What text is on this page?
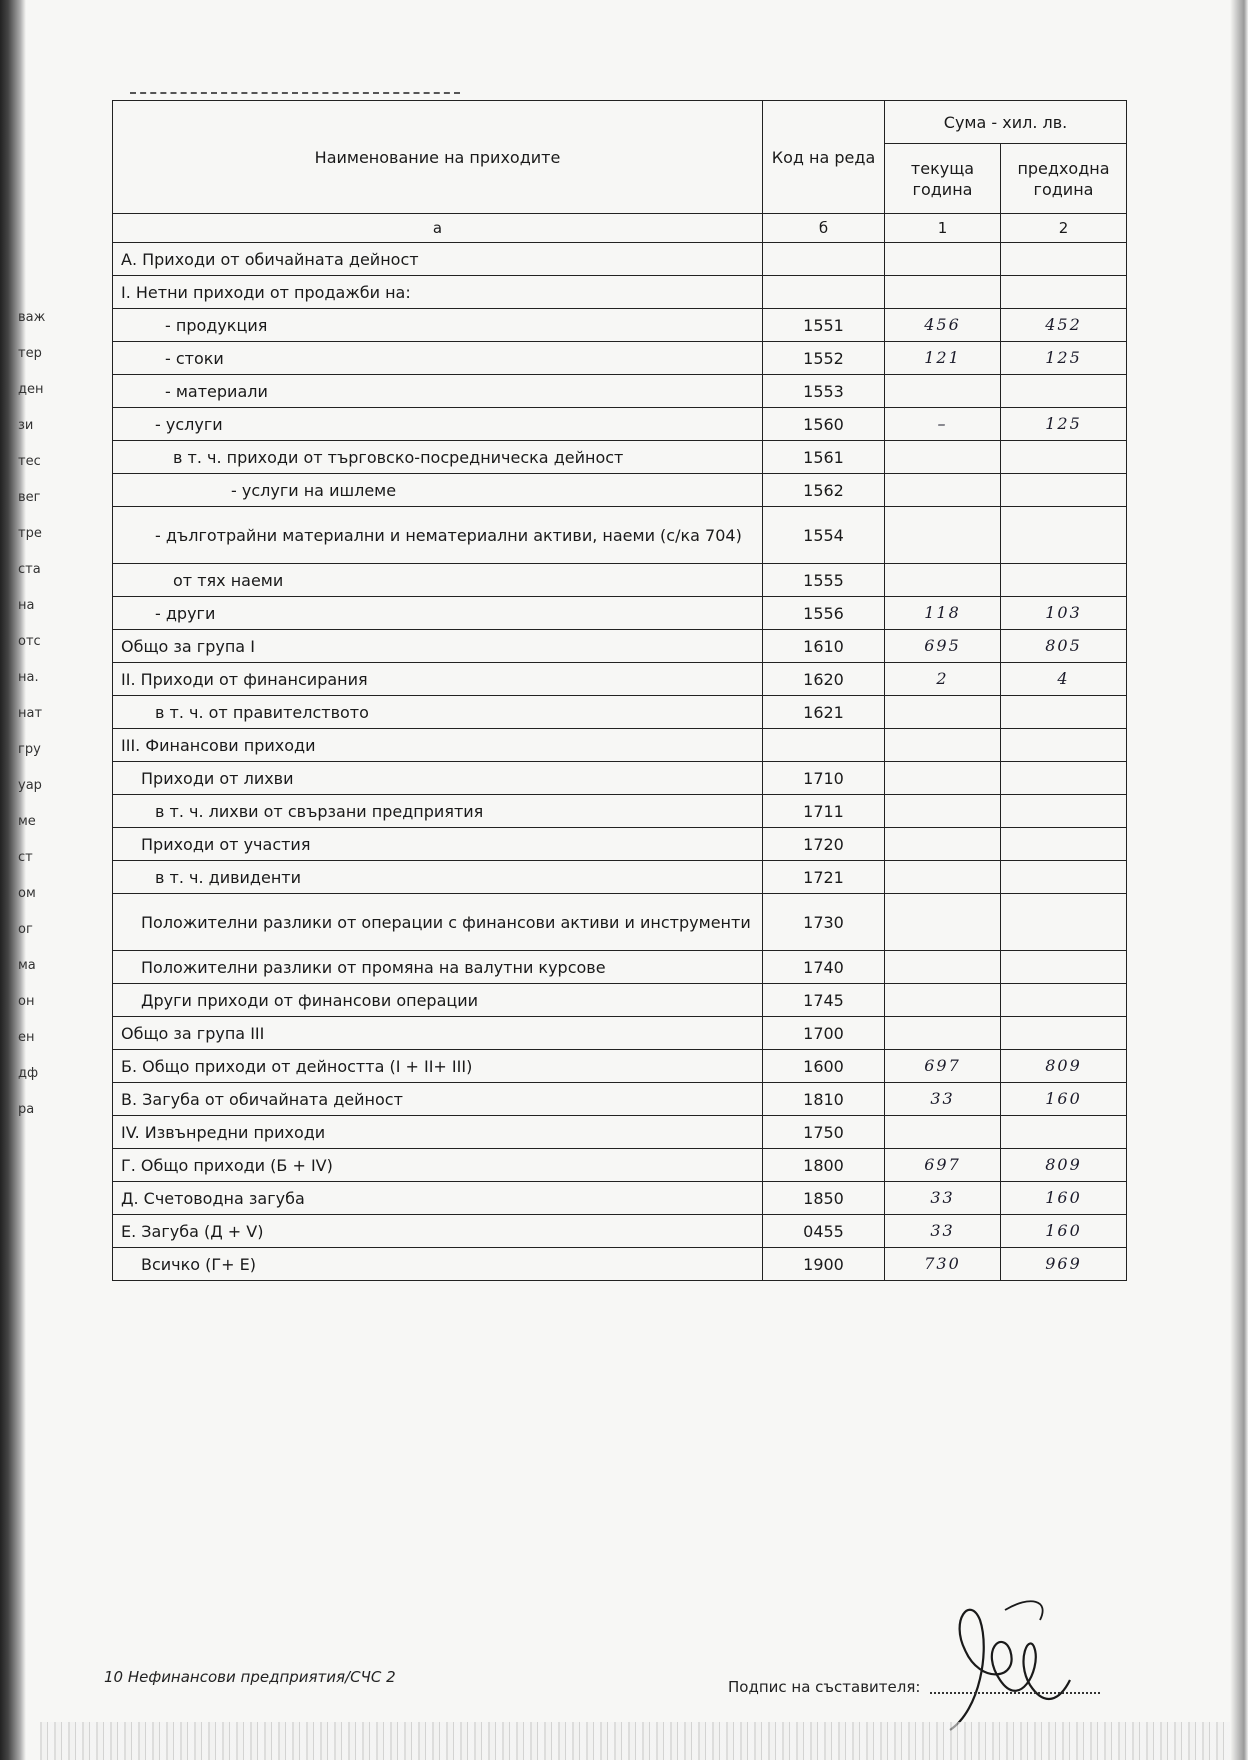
важ
тер
ден
зи
тес
вег
тре
ста
на
отс
на.
нат
гру
уар
ме
ст
ом
ог
ма
он
ен
дф
ра
Наименование на приходите	Код на реда	Сума - хил. лв.	
		текуща година	предходна година
а	б	1	2
А. Приходи от обичайната дейност			
I. Нетни приходи от продажби на:			
- продукция	1551	456	452
- стоки	1552	121	125
- материали	1553		
- услуги	1560	–	125
в т. ч. приходи от търговско-посредническа дейност	1561		
- услуги на ишлеме	1562		
- дълготрайни материални и нематериални активи, наеми (с/ка 704)	1554		
от тях наеми	1555		
- други	1556	118	103
Общо за група I	1610	695	805
II. Приходи от финансирания	1620	2	4
в т. ч. от правителството	1621		
III. Финансови приходи			
Приходи от лихви	1710		
в т. ч. лихви от свързани предприятия	1711		
Приходи от участия	1720		
в т. ч. дивиденти	1721		
Положителни разлики от операции с финансови активи и инструменти	1730		
Положителни разлики от промяна на валутни курсове	1740		
Други приходи от финансови операции	1745		
Общо за група III	1700		
Б. Общо приходи от дейността (I + II+ III)	1600	697	809
В. Загуба от обичайната дейност	1810	33	160
IV. Извънредни приходи	1750		
Г. Общо приходи (Б + IV)	1800	697	809
Д. Счетоводна загуба	1850	33	160
Е. Загуба (Д + V)	0455	33	160
Всичко (Г+ Е)	1900	730	969
10 Нефинансови предприятия/СЧС 2
Подпис на съставителя:
